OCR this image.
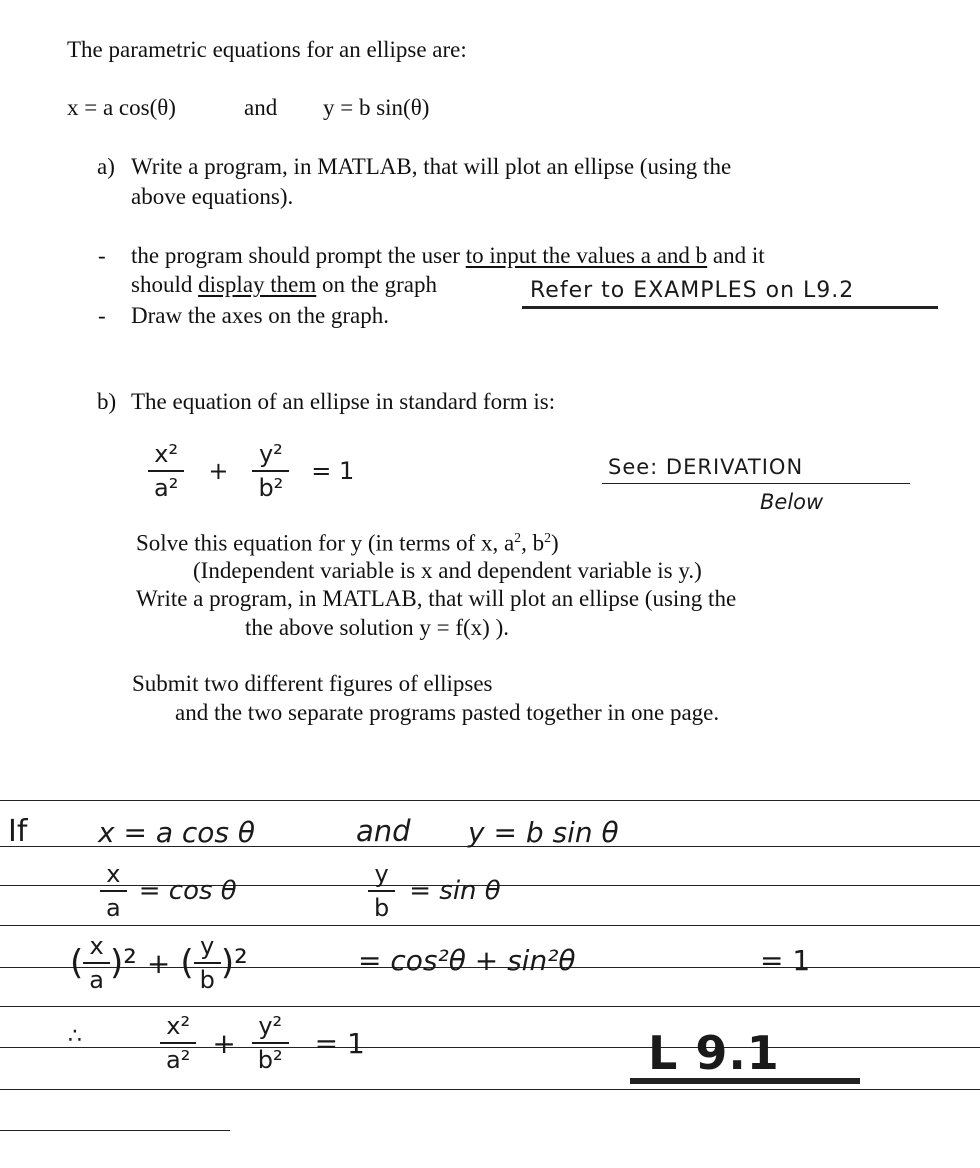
The parametric equations for an ellipse are:
x = a cos(θ)	and y = b sin(θ)
a) Write a program, in MATLAB, that will plot an ellipse (using the
above equations).
- the program should prompt the user to input the values a and b and it
should display them on the graph
- Draw the axes on the graph.
Refer to EXAMPLES on L9.2
b) The equation of an ellipse in standard form is:
$\frac{\text{x²}}{\text{a²}} + \frac{\text{y²}}{\text{b²}} = 1$	See: DERIVATION
Below
Solve this equation for y (in terms of x, $a^2$, $b^2$)
(Independent variable is x and dependent variable is y.)
Write a program, in MATLAB, that will plot an ellipse (using the
the above solution y = f(x) ).
Submit two different figures of ellipses
and the two separate programs pasted together in one page.
If	x = a cos θ	and y = b sin θ
$\frac{x}{a} = \cos \theta$	$\frac{y}{b} = \sin \theta$
( $\frac{x}{a} )^2$ + ( $\frac{y}{b} )^2$	= cos²θ + sin²θ	= 1
∴	$\frac{\text{x²}}{\text{a²}} + \frac{\text{y²}}{\text{b²}} = 1$	L 9.1
